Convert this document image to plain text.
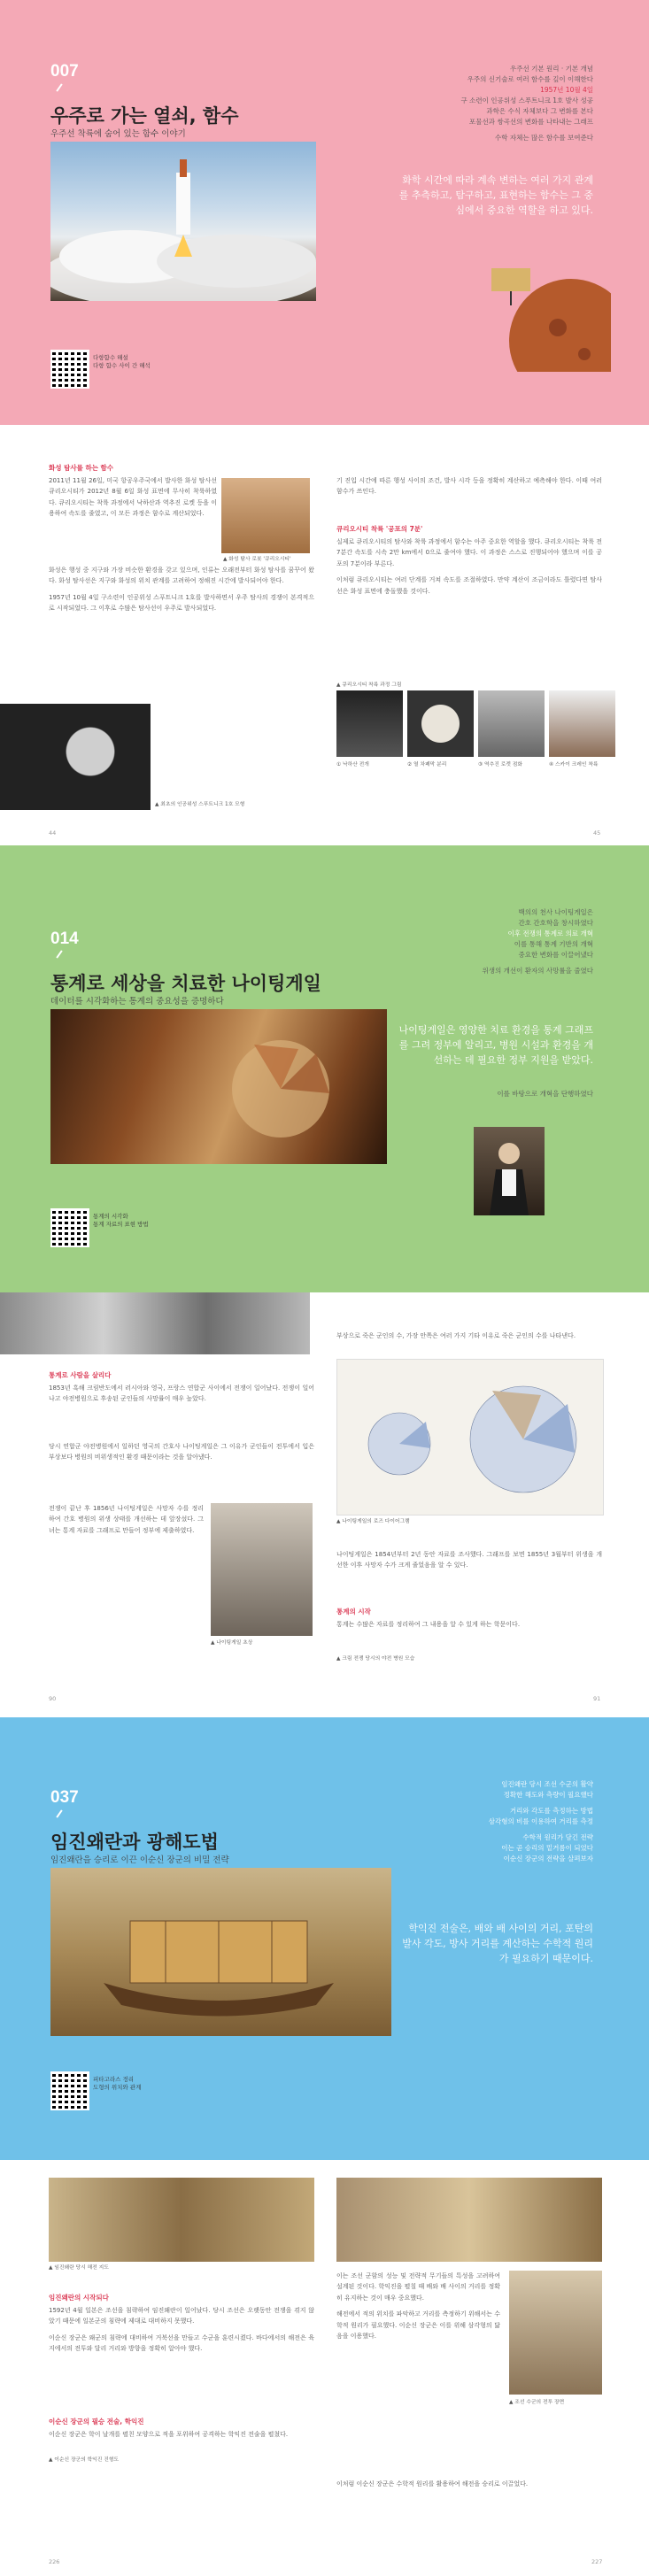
007
우주로 가는 열쇠, 함수
우주선 착륙에 숨어 있는 함수 이야기
다항함수 해설
다항 함수 사이 간 해석
우주선 기본 원리 · 기본 개념
우주의 신기술로 여러 함수를 깊이 이해한다
1957년 10월 4일
구 소련이 인공위성 스푸트니크 1호 발사 성공
과학은 수식 자체보다 그 변화를 본다
포물선과 쌍곡선의 변화를 나타내는 그래프
수학 자체는 많은 함수를 보여준다
화학 시간에 따라 계속 변하는 여러 가지 관계를 추측하고, 탐구하고, 표현하는 함수는 그 중심에서 중요한 역할을 하고 있다.
화성 탐사를 하는 함수

2011년 11월 26일, 미국 항공우주국에서 발사한 화성 탐사선 큐리오시티가 2012년 8월 6일 화성 표면에 무사히 착륙하였다. 큐리오시티는 착륙 과정에서 낙하산과 역추진 로켓 등을 이용하여 속도를 줄였고, 이 모든 과정은 함수로 계산되었다.

▲ 화성 탐사 로봇 '큐리오시티'

화성은 행성 중 지구와 가장 비슷한 환경을 갖고 있으며, 인류는 오래전부터 화성 탐사를 꿈꾸어 왔다. 화성 탐사선은 지구와 화성의 위치 관계를 고려하여 정해진 시간에 발사되어야 한다.

1957년 10월 4일 구소련이 인공위성 스푸트니크 1호를 발사하면서 우주 탐사의 경쟁이 본격적으로 시작되었다. 그 이후로 수많은 탐사선이 우주로 발사되었다.

▲ 최초의 인공위성 스푸트니크 1호 모형
44

기 진입 시간에 따른 행성 사이의 조건, 발사 시각 등을 정확히 계산하고 예측해야 한다. 이때 여러 함수가 쓰인다.

큐리오시티 착륙 '공포의 7분'

실제로 큐리오시티의 탐사와 착륙 과정에서 함수는 아주 중요한 역할을 했다. 큐리오시티는 착륙 전 7분간 속도를 시속 2만 km에서 0으로 줄여야 했다. 이 과정은 스스로 진행되어야 했으며 이를 공포의 7분이라 부른다.

이처럼 큐리오시티는 여러 단계를 거쳐 속도를 조절하였다. 만약 계산이 조금이라도 틀렸다면 탐사선은 화성 표면에 충돌했을 것이다.

▲ 큐리오시티 착륙 과정 그림
① 낙하산 전개	② 열 차폐막 분리	③ 역추진 로켓 점화	④ 스카이 크레인 착륙
45
014
통계로 세상을 치료한 나이팅게일
데이터를 시각화하는 통계의 중요성을 증명하다
통계의 시각화
통계 자료의 표현 방법
백의의 천사 나이팅게일은
간호 간호학을 창시하였다
이후 전쟁의 통계로 의료 개혁
이를 통해 통계 기반의 개혁
중요한 변화를 이끌어냈다
위생의 개선이 환자의 사망률을 줄였다
나이팅게일은 영양한 치료 환경을 통계 그래프를 그려 정부에 알리고, 병원 시설과 환경을 개선하는 데 필요한 정부 지원을 받았다.
이를 바탕으로 개혁을 단행하였다
통계로 사람을 살리다

1853년 흑해 크림반도에서 러시아와 영국, 프랑스 연합군 사이에서 전쟁이 일어났다. 전쟁이 일어나고 야전병원으로 후송된 군인들의 사망률이 매우 높았다.

당시 연합군 야전병원에서 일하던 영국의 간호사 나이팅게일은 그 이유가 군인들이 전투에서 입은 부상보다 병원의 비위생적인 환경 때문이라는 것을 알아냈다.

전쟁이 끝난 후 1856년 나이팅게일은 사망자 수를 정리하여 간호 병원의 위생 상태를 개선하는 데 앞장섰다. 그녀는 통계 자료를 그래프로 만들어 정부에 제출하였다.

▲ 나이팅게일 초상
90

부상으로 죽은 군인의 수, 가장 안쪽은 여러 가지 기타 이유로 죽은 군인의 수를 나타낸다.

▲ 나이팅게일의 로즈 다이어그램

나이팅게일은 1854년부터 2년 동안 자료를 조사했다. 그래프를 보면 1855년 3월부터 위생을 개선한 이후 사망자 수가 크게 줄었음을 알 수 있다.

통계의 시작

통계는 수많은 자료를 정리하여 그 내용을 알 수 있게 하는 학문이다.

▲ 크림 전쟁 당시의 야전 병원 모습
91
037
임진왜란과 광해도법
임진왜란을 승리로 이끈 이순신 장군의 비밀 전략
피타고라스 정리
도형의 위치와 관계
임진왜란 당시 조선 수군의 활약
정확한 해도와 측량이 필요했다
거리와 각도를 측정하는 방법
삼각형의 비를 이용하여 거리를 측정
수학적 원리가 담긴 전략
이는 곧 승리의 밑거름이 되었다
이순신 장군의 전략을 살펴보자
학익진 전술은, 배와 배 사이의 거리, 포탄의 발사 각도, 방사 거리를 계산하는 수학적 원리가 필요하기 때문이다.
▲ 임진왜란 당시 해전 지도
임진왜란의 시작되다

1592년 4월 일본은 조선을 침략하여 임진왜란이 일어났다. 당시 조선은 오랫동안 전쟁을 겪지 않았기 때문에 일본군의 침략에 제대로 대비하지 못했다.

이순신 장군은 왜군의 침략에 대비하여 거북선을 만들고 수군을 훈련시켰다. 바다에서의 해전은 육지에서의 전투와 달리 거리와 방향을 정확히 알아야 했다.

이순신 장군의 필승 전술, 학익진

이순신 장군은 학이 날개를 펼친 모양으로 적을 포위하여 공격하는 학익진 전술을 펼쳤다.

▲ 이순신 장군의 학익진 진형도

이는 조선 군함의 성능 및 전략적 무기들의 특성을 고려하여 설계된 것이다. 학익진을 펼칠 때 배와 배 사이의 거리를 정확히 유지하는 것이 매우 중요했다.

해전에서 적의 위치를 파악하고 거리를 측정하기 위해서는 수학적 원리가 필요했다. 이순신 장군은 이를 위해 삼각형의 닮음을 이용했다.

▲ 조선 수군의 전투 장면

이처럼 이순신 장군은 수학적 원리를 활용하여 해전을 승리로 이끌었다.

226	227
